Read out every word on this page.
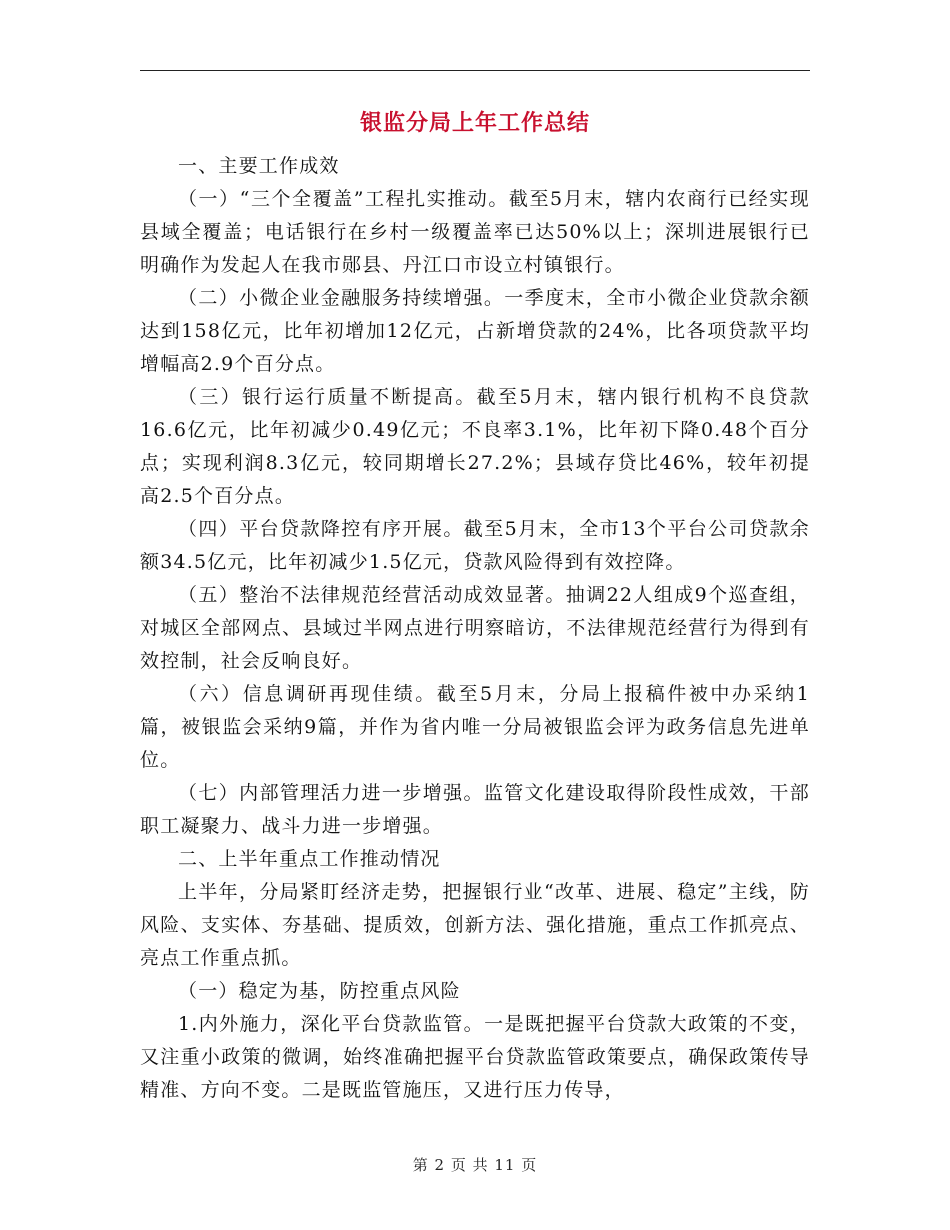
银监分局上年工作总结

一、主要工作成效

（一）“三个全覆盖”工程扎实推动。截至5月末，辖内农商行已经实现县域全覆盖；电话银行在乡村一级覆盖率已达50%以上；深圳进展银行已明确作为发起人在我市郧县、丹江口市设立村镇银行。

（二）小微企业金融服务持续增强。一季度末，全市小微企业贷款余额达到158亿元，比年初增加12亿元，占新增贷款的24%，比各项贷款平均增幅高2.9个百分点。

（三）银行运行质量不断提高。截至5月末，辖内银行机构不良贷款16.6亿元，比年初减少0.49亿元；不良率3.1%，比年初下降0.48个百分点；实现利润8.3亿元，较同期增长27.2%；县域存贷比46%，较年初提高2.5个百分点。

（四）平台贷款降控有序开展。截至5月末，全市13个平台公司贷款余额34.5亿元，比年初减少1.5亿元，贷款风险得到有效控降。

（五）整治不法律规范经营活动成效显著。抽调22人组成9个巡查组，对城区全部网点、县域过半网点进行明察暗访，不法律规范经营行为得到有效控制，社会反响良好。

（六）信息调研再现佳绩。截至5月末，分局上报稿件被中办采纳1篇，被银监会采纳9篇，并作为省内唯一分局被银监会评为政务信息先进单位。

（七）内部管理活力进一步增强。监管文化建设取得阶段性成效，干部职工凝聚力、战斗力进一步增强。

二、上半年重点工作推动情况

上半年，分局紧盯经济走势，把握银行业“改革、进展、稳定”主线，防风险、支实体、夯基础、提质效，创新方法、强化措施，重点工作抓亮点、亮点工作重点抓。

（一）稳定为基，防控重点风险

1.内外施力，深化平台贷款监管。一是既把握平台贷款大政策的不变，又注重小政策的微调，始终准确把握平台贷款监管政策要点，确保政策传导精准、方向不变。二是既监管施压，又进行压力传导，

第 2 页 共 11 页
